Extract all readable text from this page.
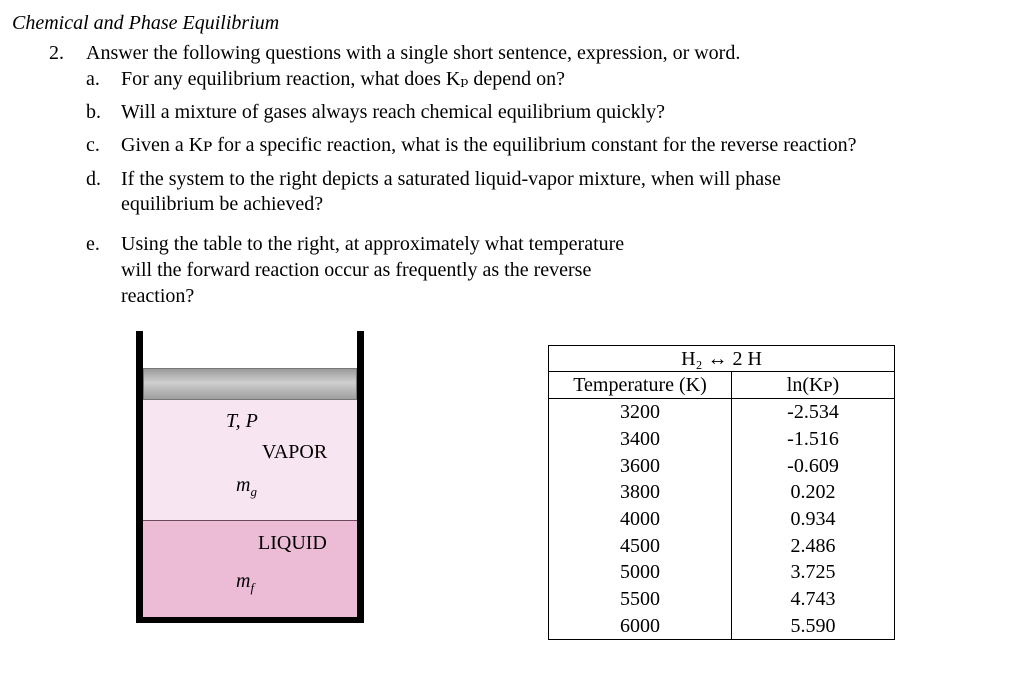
Chemical and Phase Equilibrium
2. Answer the following questions with a single short sentence, expression, or word.
a. For any equilibrium reaction, what does Kₚ depend on?
b. Will a mixture of gases always reach chemical equilibrium quickly?
c. Given a Kᴘ for a specific reaction, what is the equilibrium constant for the reverse reaction?
d. If the system to the right depicts a saturated liquid-vapor mixture, when will phase
equilibrium be achieved?
e. Using the table to the right, at approximately what temperature
will the forward reaction occur as frequently as the reverse
reaction?
T, P
VAPOR
$m_g$
LIQUID
$m_f$
H₂ ↔ 2 H	
Temperature (K)	ln(Kᴘ)
3200	-2.534
3400	-1.516
3600	-0.609
3800	0.202
4000	0.934
4500	2.486
5000	3.725
5500	4.743
6000	5.590
